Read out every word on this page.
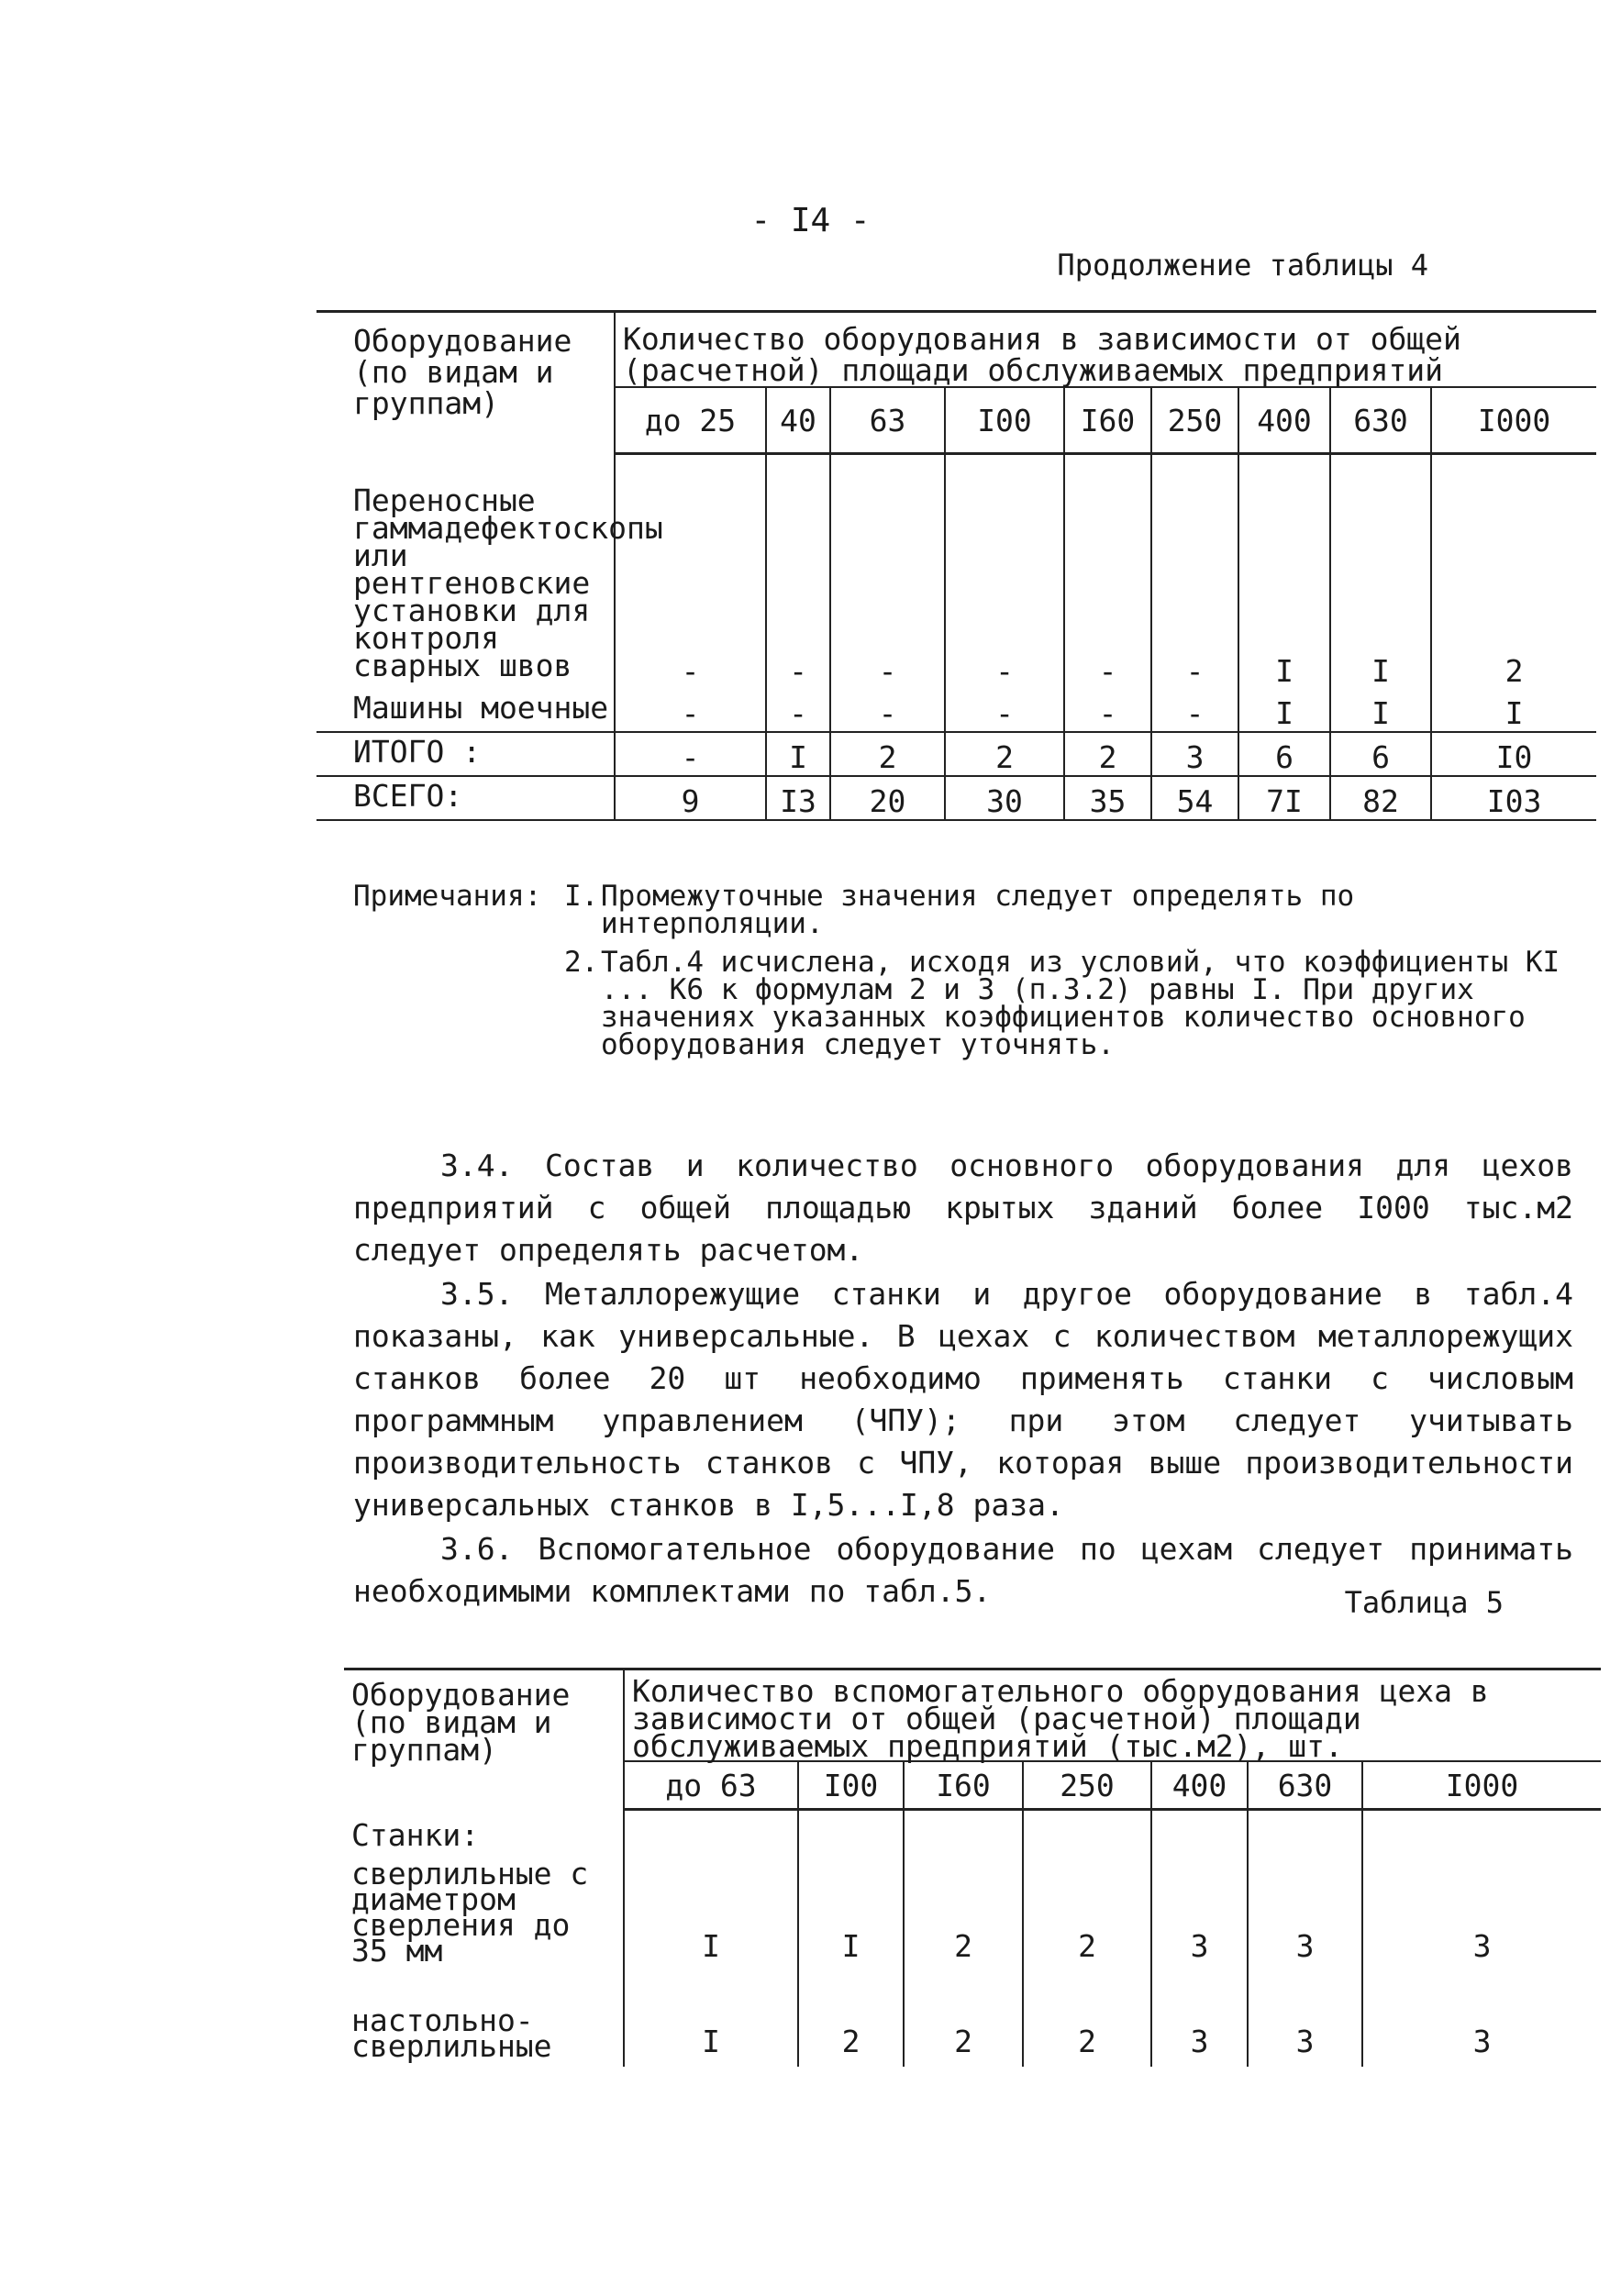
- I4 -
Продолжение таблицы 4
Оборудование (по видам и группам)	Количество оборудования в зависимости от общей (расчетной) площади обслуживаемых предприятий								
	до 25	40	63	I00	I60	250	400	630	I000
Переносные гаммадефектоскопы или рентгеновские установки для контроля сварных швов	-	-	-	-	-	-	I	I	2
Машины моечные	-	-	-	-	-	-	I	I	I
ИТОГО :	-	I	2	2	2	3	6	6	I0
ВСЕГО:	9	I3	20	30	35	54	7I	82	I03
Примечания: I. Промежуточные значения следует определять по интерполяции.
2. Табл.4 исчислена, исходя из условий, что коэффициенты KI ... K6 к формулам 2 и 3 (п.3.2) равны I. При других значениях указанных коэффициентов количество основного оборудования следует уточнять.

3.4. Состав и количество основного оборудования для цехов предприятий с общей площадью крытых зданий более I000 тыс.м2 следует определять расчетом.

3.5. Металлорежущие станки и другое оборудование в табл.4 показаны, как универсальные. В цехах с количеством металлорежущих станков более 20 шт необходимо применять станки с числовым программным управлением (ЧПУ); при этом следует учитывать производительность станков с ЧПУ, которая выше производительности универсальных станков в I,5...I,8 раза.

3.6. Вспомогательное оборудование по цехам следует принимать необходимыми комплектами по табл.5.	Таблица 5
Оборудование (по видам и группам)	Количество вспомогательного оборудования цеха в зависимости от общей (расчетной) площади обслуживаемых предприятий (тыс.м2), шт.						
	до 63	I00	I60	250	400	630	I000
Станки:							
сверлильные с диаметром сверления до 35 мм	I	I	2	2	3	3	3
настольно-сверлильные	I	2	2	2	3	3	3
